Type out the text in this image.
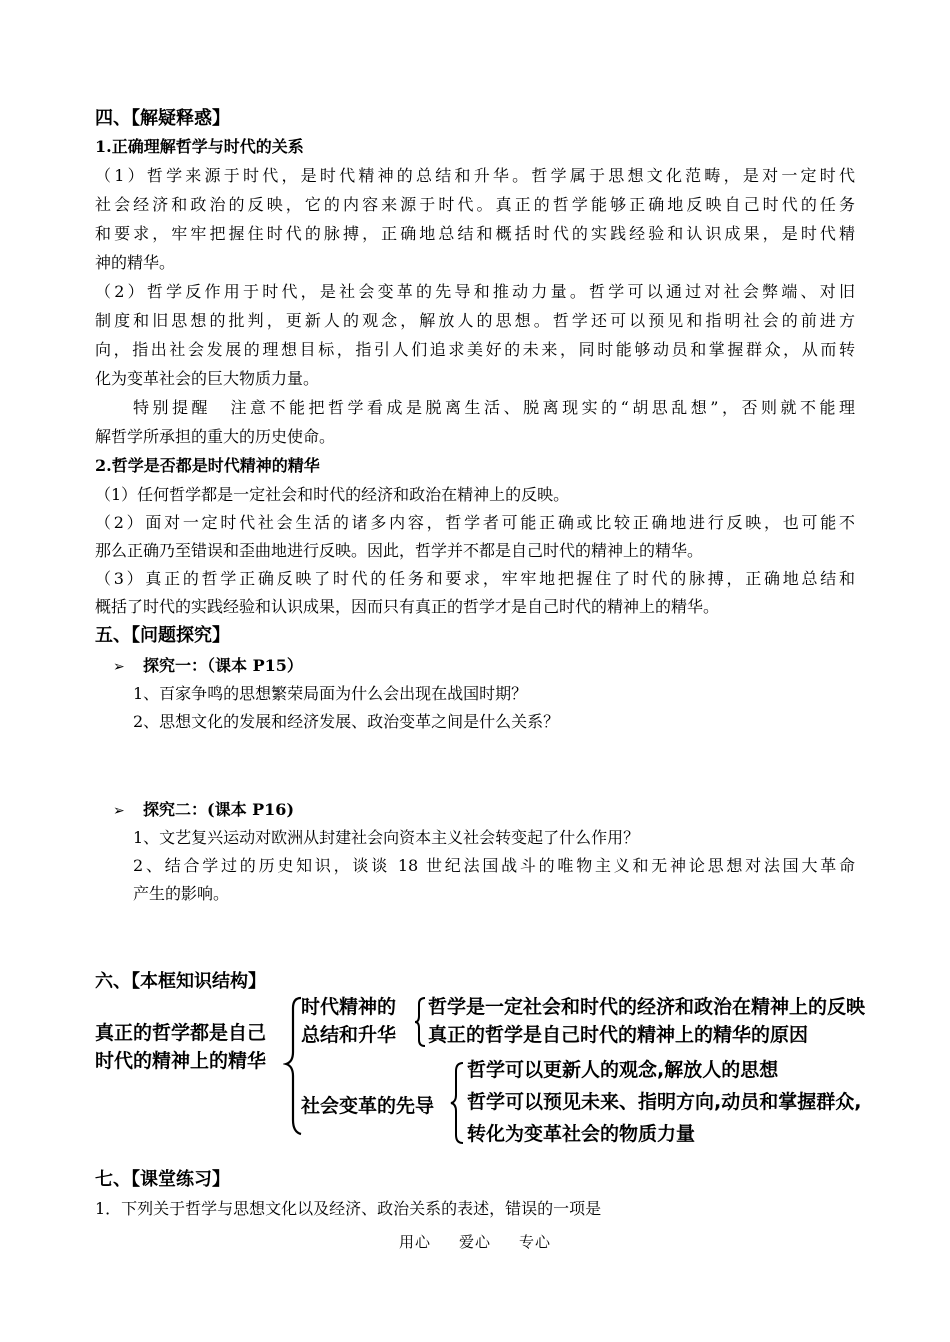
四、【解疑释惑】
1.正确理解哲学与时代的关系
（1）哲学来源于时代，是时代精神的总结和升华。哲学属于思想文化范畴，是对一定时代
社会经济和政治的反映，它的内容来源于时代。真正的哲学能够正确地反映自己时代的任务
和要求，牢牢把握住时代的脉搏，正确地总结和概括时代的实践经验和认识成果，是时代精
神的精华。
（2）哲学反作用于时代，是社会变革的先导和推动力量。哲学可以通过对社会弊端、对旧
制度和旧思想的批判，更新人的观念，解放人的思想。哲学还可以预见和指明社会的前进方
向，指出社会发展的理想目标，指引人们追求美好的未来，同时能够动员和掌握群众，从而转
化为变革社会的巨大物质力量。
特别提醒　注意不能把哲学看成是脱离生活、脱离现实的“胡思乱想”，否则就不能理
解哲学所承担的重大的历史使命。
2.哲学是否都是时代精神的精华
（1）任何哲学都是一定社会和时代的经济和政治在精神上的反映。
（2）面对一定时代社会生活的诸多内容，哲学者可能正确或比较正确地进行反映，也可能不
那么正确乃至错误和歪曲地进行反映。因此，哲学并不都是自己时代的精神上的精华。
（3）真正的哲学正确反映了时代的任务和要求，牢牢地把握住了时代的脉搏，正确地总结和
概括了时代的实践经验和认识成果，因而只有真正的哲学才是自己时代的精神上的精华。
五、【问题探究】
➢ 探究一：（课本 P15）
1、百家争鸣的思想繁荣局面为什么会出现在战国时期？
2、思想文化的发展和经济发展、政治变革之间是什么关系？
➢ 探究二：(课本 P16)
1、文艺复兴运动对欧洲从封建社会向资本主义社会转变起了什么作用？
2、结合学过的历史知识，谈谈 18 世纪法国战斗的唯物主义和无神论思想对法国大革命
产生的影响。
六、【本框知识结构】
真正的哲学都是自己
时代的精神上的精华
时代精神的
总结和升华
哲学是一定社会和时代的经济和政治在精神上的反映
真正的哲学是自己时代的精神上的精华的原因
社会变革的先导
哲学可以更新人的观念,解放人的思想
哲学可以预见未来、指明方向,动员和掌握群众,
转化为变革社会的物质力量
七、【课堂练习】
1．下列关于哲学与思想文化以及经济、政治关系的表述，错误的一项是
用心 爱心 专心
